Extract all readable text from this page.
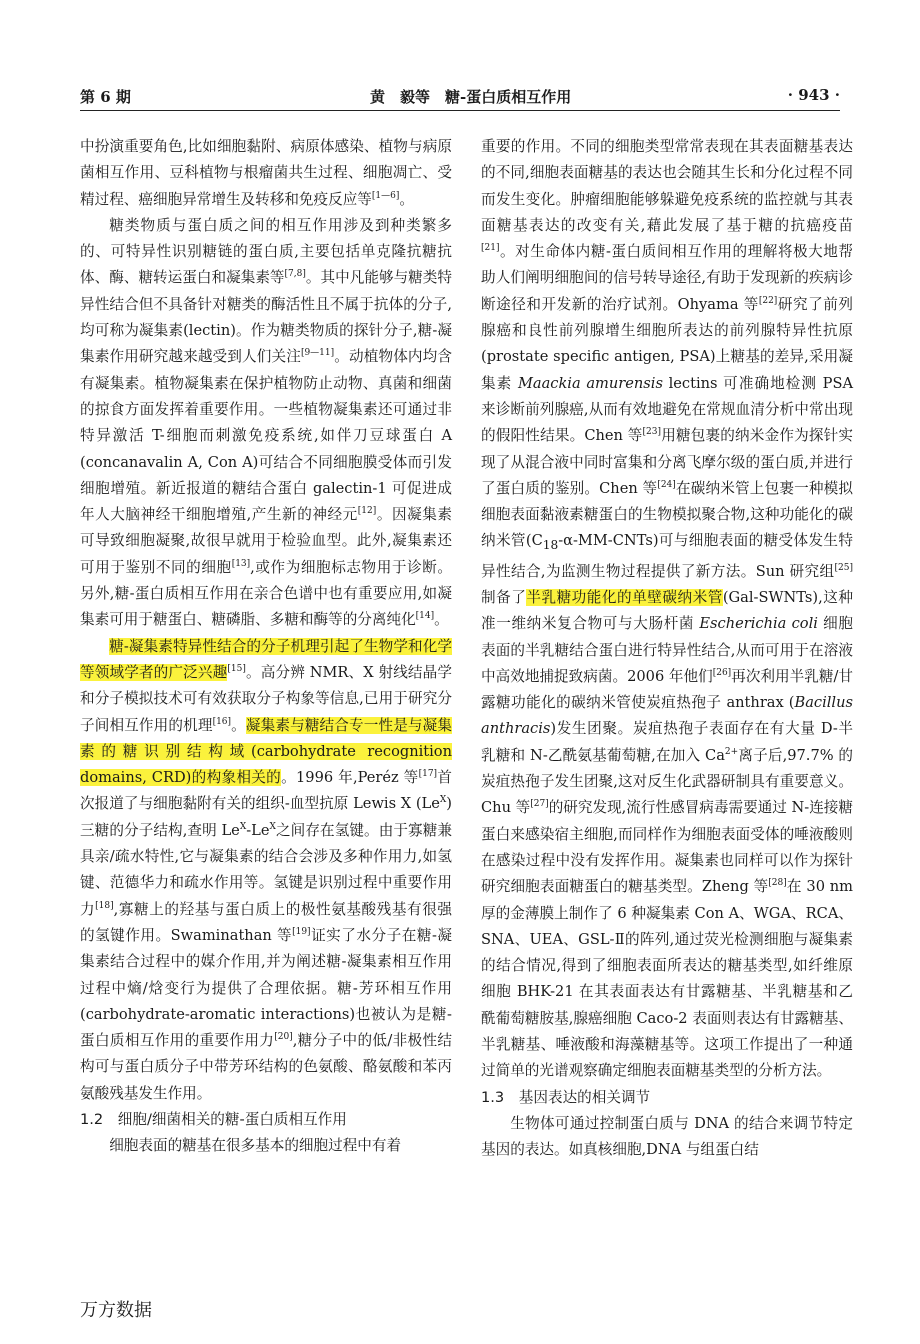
第 6 期	黄　毅等　糖-蛋白质相互作用	· 943 ·

中扮演重要角色,比如细胞黏附、病原体感染、植物与病原菌相互作用、豆科植物与根瘤菌共生过程、细胞凋亡、受精过程、癌细胞异常增生及转移和免疫反应等[1—6]。

糖类物质与蛋白质之间的相互作用涉及到种类繁多的、可特异性识别糖链的蛋白质,主要包括单克隆抗糖抗体、酶、糖转运蛋白和凝集素等[7,8]。其中凡能够与糖类特异性结合但不具备针对糖类的酶活性且不属于抗体的分子,均可称为凝集素(lectin)。作为糖类物质的探针分子,糖-凝集素作用研究越来越受到人们关注[9—11]。动植物体内均含有凝集素。植物凝集素在保护植物防止动物、真菌和细菌的掠食方面发挥着重要作用。一些植物凝集素还可通过非特异激活 T-细胞而刺激免疫系统,如伴刀豆球蛋白 A (concanavalin A, Con A)可结合不同细胞膜受体而引发细胞增殖。新近报道的糖结合蛋白 galectin-1 可促进成年人大脑神经干细胞增殖,产生新的神经元[12]。因凝集素可导致细胞凝聚,故很早就用于检验血型。此外,凝集素还可用于鉴别不同的细胞[13],或作为细胞标志物用于诊断。另外,糖-蛋白质相互作用在亲合色谱中也有重要应用,如凝集素可用于糖蛋白、糖磷脂、多糖和酶等的分离纯化[14]。

糖-凝集素特异性结合的分子机理引起了生物学和化学等领域学者的广泛兴趣[15]。高分辨 NMR、X 射线结晶学和分子模拟技术可有效获取分子构象等信息,已用于研究分子间相互作用的机理[16]。凝集素与糖结合专一性是与凝集素的糖识别结构域(carbohydrate recognition domains, CRD)的构象相关的。1996 年,Peréz 等[17]首次报道了与细胞黏附有关的组织-血型抗原 Lewis X $(Le^X)$三糖的分子结构,查明 $Le^X-Le^X$之间存在氢键。由于寡糖兼具亲/疏水特性,它与凝集素的结合会涉及多种作用力,如氢键、范德华力和疏水作用等。氢键是识别过程中重要作用力[18],寡糖上的羟基与蛋白质上的极性氨基酸残基有很强的氢键作用。Swaminathan 等[19]证实了水分子在糖-凝集素结合过程中的媒介作用,并为阐述糖-凝集素相互作用过程中熵/焓变行为提供了合理依据。糖-芳环相互作用(carbohydrate-aromatic interactions)也被认为是糖-蛋白质相互作用的重要作用力[20],糖分子中的低/非极性结构可与蛋白质分子中带芳环结构的色氨酸、酪氨酸和苯丙氨酸残基发生作用。

1.2　细胞/细菌相关的糖-蛋白质相互作用

细胞表面的糖基在很多基本的细胞过程中有着

重要的作用。不同的细胞类型常常表现在其表面糖基表达的不同,细胞表面糖基的表达也会随其生长和分化过程不同而发生变化。肿瘤细胞能够躲避免疫系统的监控就与其表面糖基表达的改变有关,藉此发展了基于糖的抗癌疫苗[21]。对生命体内糖-蛋白质间相互作用的理解将极大地帮助人们阐明细胞间的信号转导途径,有助于发现新的疾病诊断途径和开发新的治疗试剂。Ohyama 等[22]研究了前列腺癌和良性前列腺增生细胞所表达的前列腺特异性抗原(prostate specific antigen, PSA)上糖基的差异,采用凝集素 Maackia amurensis lectins 可准确地检测 PSA 来诊断前列腺癌,从而有效地避免在常规血清分析中常出现的假阳性结果。Chen 等[23]用糖包裹的纳米金作为探针实现了从混合液中同时富集和分离飞摩尔级的蛋白质,并进行了蛋白质的鉴别。Chen 等[24]在碳纳米管上包裹一种模拟细胞表面黏液素糖蛋白的生物模拟聚合物,这种功能化的碳纳米管$(C_{18}-\alpha-MM-CNTs)$可与细胞表面的糖受体发生特异性结合,为监测生物过程提供了新方法。Sun 研究组[25]制备了半乳糖功能化的单壁碳纳米管(Gal-SWNTs),这种准一维纳米复合物可与大肠杆菌 Escherichia coli 细胞表面的半乳糖结合蛋白进行特异性结合,从而可用于在溶液中高效地捕捉致病菌。2006 年他们[26]再次利用半乳糖/甘露糖功能化的碳纳米管使炭疽热孢子 anthrax (Bacillus anthracis)发生团聚。炭疽热孢子表面存在有大量 D-半乳糖和 N-乙酰氨基葡萄糖,在加入 $Ca^{2+}$离子后,97.7% 的炭疽热孢子发生团聚,这对反生化武器研制具有重要意义。Chu 等[27]的研究发现,流行性感冒病毒需要通过 N-连接糖蛋白来感染宿主细胞,而同样作为细胞表面受体的唾液酸则在感染过程中没有发挥作用。凝集素也同样可以作为探针研究细胞表面糖蛋白的糖基类型。Zheng 等[28]在 30 nm 厚的金薄膜上制作了 6 种凝集素 Con A、WGA、RCA、SNA、UEA、GSL-Ⅱ的阵列,通过荧光检测细胞与凝集素的结合情况,得到了细胞表面所表达的糖基类型,如纤维原细胞 BHK-21 在其表面表达有甘露糖基、半乳糖基和乙酰葡萄糖胺基,腺癌细胞 Caco-2 表面则表达有甘露糖基、半乳糖基、唾液酸和海藻糖基等。这项工作提出了一种通过简单的光谱观察确定细胞表面糖基类型的分析方法。

1.3　基因表达的相关调节

生物体可通过控制蛋白质与 DNA 的结合来调节特定基因的表达。如真核细胞,DNA 与组蛋白结

万方数据
